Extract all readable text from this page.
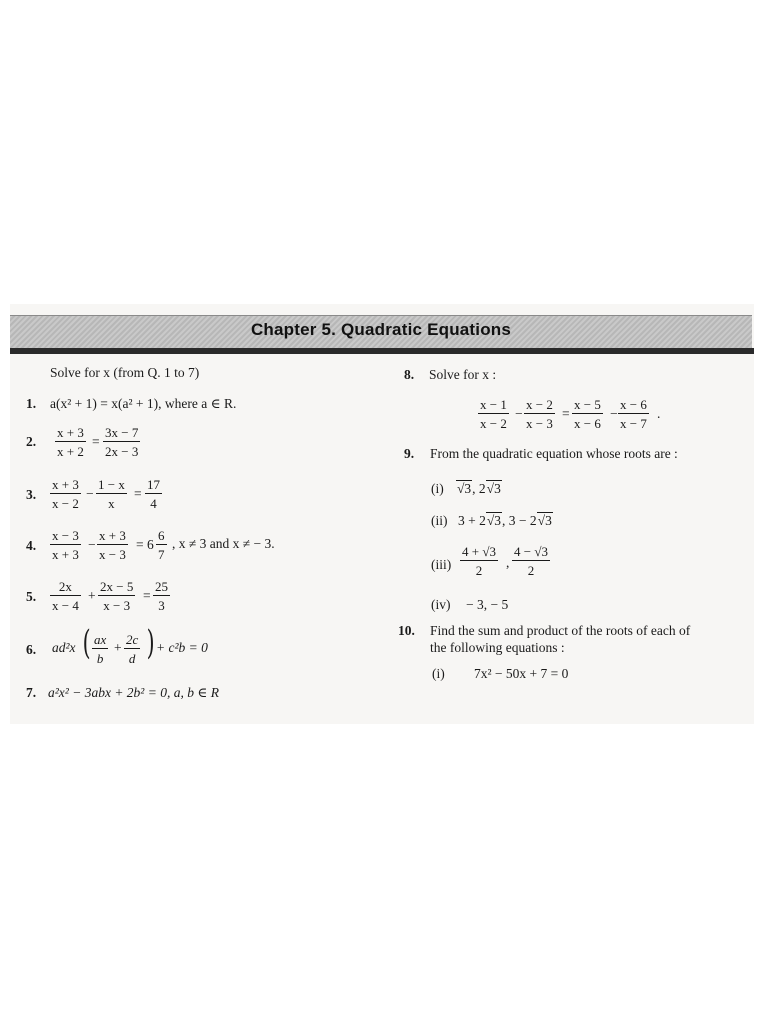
Chapter 5. Quadratic Equations
Solve for x (from Q. 1 to 7)
1. a(x² + 1) = x(a² + 1), where a ∈ R.
2. $\frac{x + 3}{x + 2} = \frac{3x - 7}{2x - 3}$
3. $\frac{x + 3}{x - 2} - \frac{1 - x}{x} = \frac{17}{4}$
4. $\frac{x - 3}{x + 3} - \frac{x + 3}{x - 3} = 6 \frac{6}{7}$ , x ≠ 3 and x ≠ − 3.
5. $\frac{2x}{x - 4} + \frac{2x - 5}{x - 3} = \frac{25}{3}$
6. ad²x ( $\frac{ax}{b} + \frac{2c}{d}$ ) + c²b = 0
7. a²x² − 3abx + 2b² = 0, a, b ∈ R
8. Solve for x :
$\frac{x - 1}{x - 2} - \frac{x - 2}{x - 3} = \frac{x - 5}{x - 6} - \frac{x - 6}{x - 7}$ .
9. From the quadratic equation whose roots are :
(i) √3, 2√3
(ii) 3 + 2√3, 3 − 2√3
$(iii) \frac{4 + √3}{2}$ , $\frac{4 - √3}{2}$
(iv) − 3, − 5
10. Find the sum and product of the roots of each of
the following equations :
(i) 7x² − 50x + 7 = 0
